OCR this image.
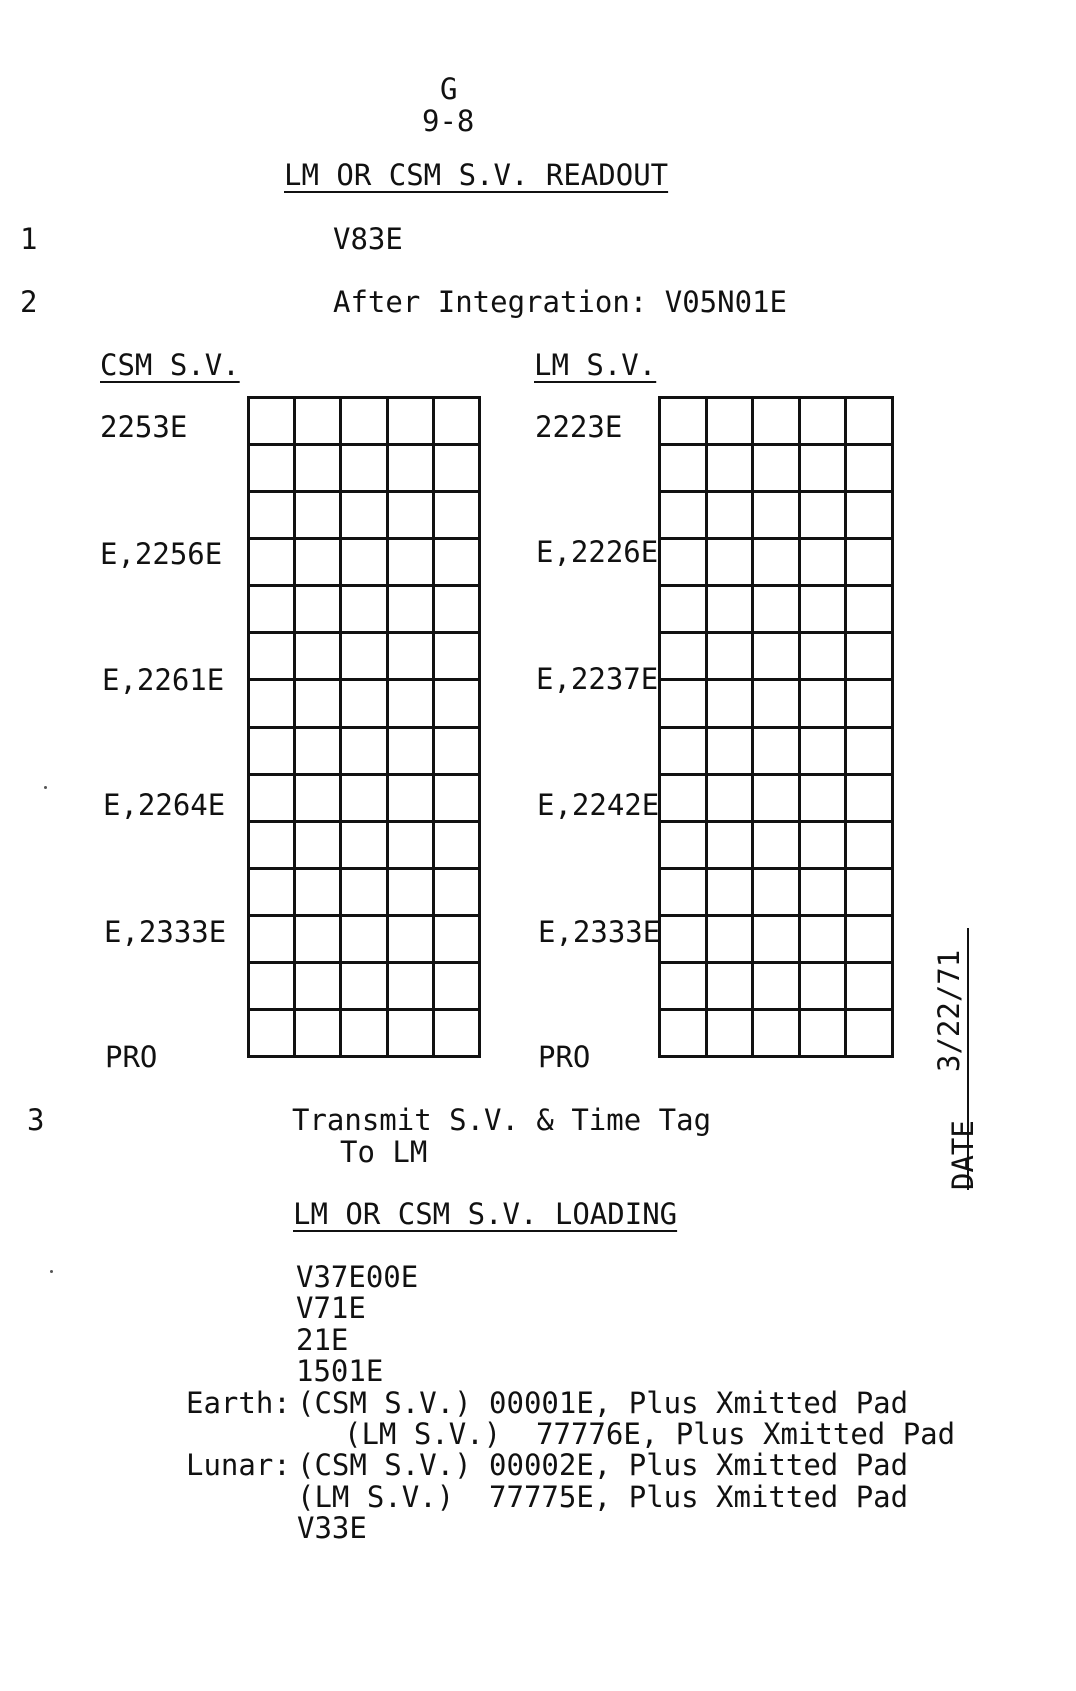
G
9-8
LM OR CSM S.V. READOUT
1	V83E
2	After Integration: V05N01E
CSM S.V.
2253E
E,2256E
E,2261E
E,2264E
E,2333E
PRO
LM S.V.
2223E
E,2226E
E,2237E
E,2242E
E,2333E
PRO
3	Transmit S.V. & Time Tag
To LM
LM OR CSM S.V. LOADING
V37E00E
V71E
21E
1501E
Earth: (CSM S.V.) 00001E, Plus Xmitted Pad
(LM S.V.)  77776E, Plus Xmitted Pad
Lunar: (CSM S.V.) 00002E, Plus Xmitted Pad
(LM S.V.)  77775E, Plus Xmitted Pad
V33E
3/22/71
DATE
